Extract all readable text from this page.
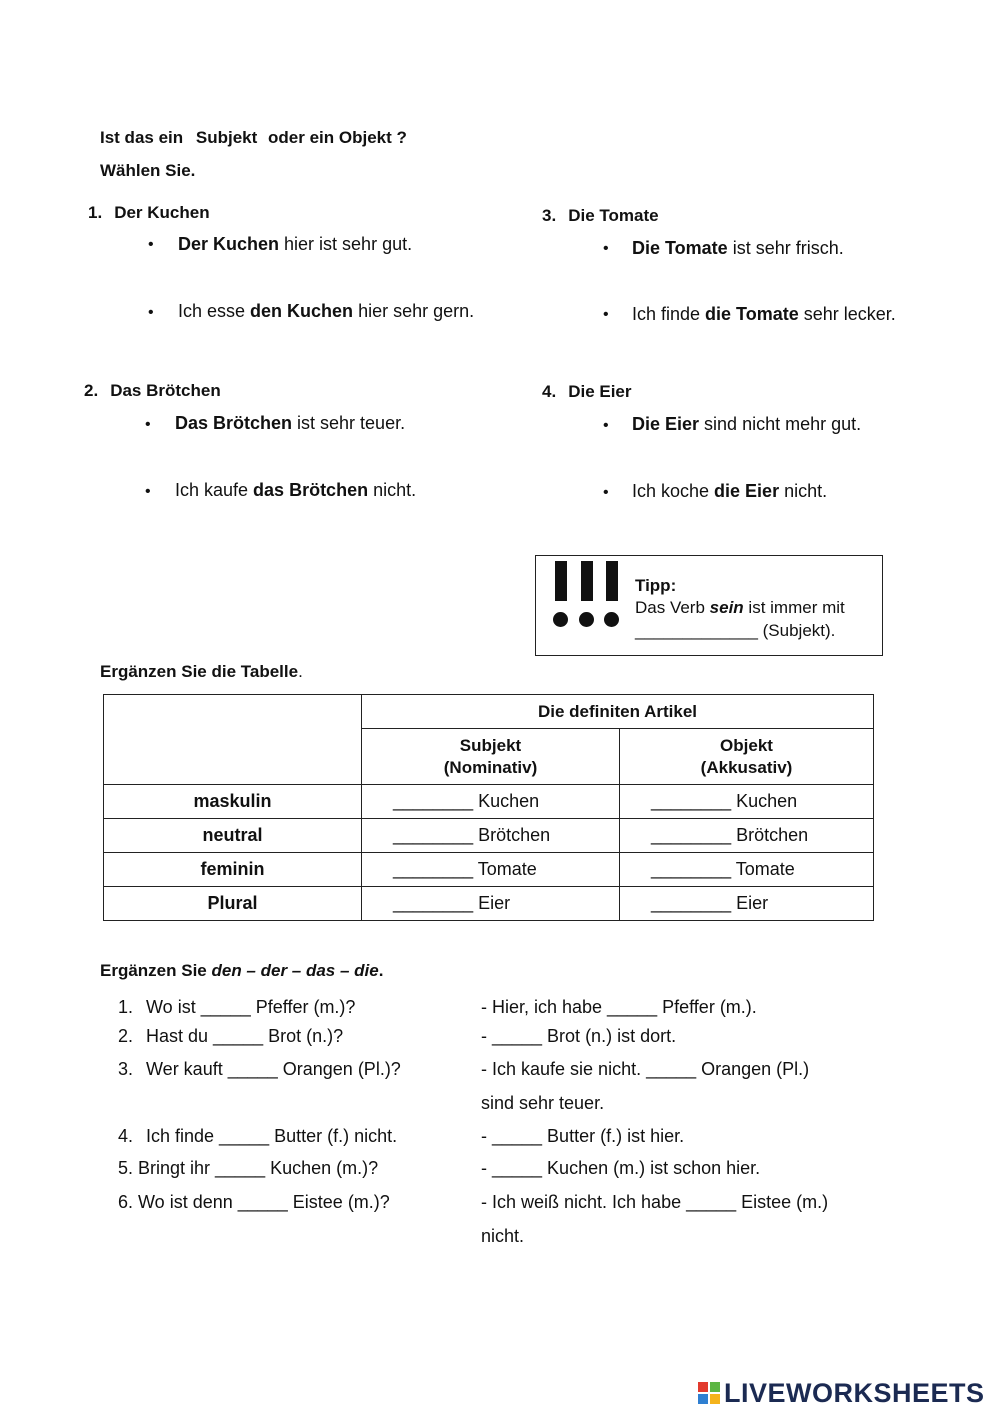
Ist das ein Subjekt oder ein Objekt ?
Wählen Sie.
1. Der Kuchen
• Der Kuchen hier ist sehr gut.
• Ich esse den Kuchen hier sehr gern.
2. Das Brötchen
• Das Brötchen ist sehr teuer.
• Ich kaufe das Brötchen nicht.
3. Die Tomate
• Die Tomate ist sehr frisch.
• Ich finde die Tomate sehr lecker.
4. Die Eier
• Die Eier sind nicht mehr gut.
• Ich koche die Eier nicht.
Tipp:
Das Verb sein ist immer mit
_____________ (Subjekt).
Ergänzen Sie die Tabelle.
	Die definiten Artikel	
	Subjekt
(Nominativ)	Objekt
(Akkusativ)
maskulin	________ Kuchen	________ Kuchen
neutral	________ Brötchen	________ Brötchen
feminin	________ Tomate	________ Tomate
Plural	________ Eier	________ Eier
Ergänzen Sie den – der – das – die.
1. Wo ist _____ Pfeffer (m.)?	- Hier, ich habe _____ Pfeffer (m.).
2. Hast du _____ Brot (n.)?	- _____ Brot (n.) ist dort.
3. Wer kauft _____ Orangen (Pl.)?	- Ich kaufe sie nicht. _____ Orangen (Pl.)
sind sehr teuer.
4. Ich finde _____ Butter (f.) nicht.	- _____ Butter (f.) ist hier.
5. Bringt ihr _____ Kuchen (m.)?	- _____ Kuchen (m.) ist schon hier.
6. Wo ist denn _____ Eistee (m.)?	- Ich weiß nicht. Ich habe _____ Eistee (m.)
nicht.
LIVEWORKSHEETS
